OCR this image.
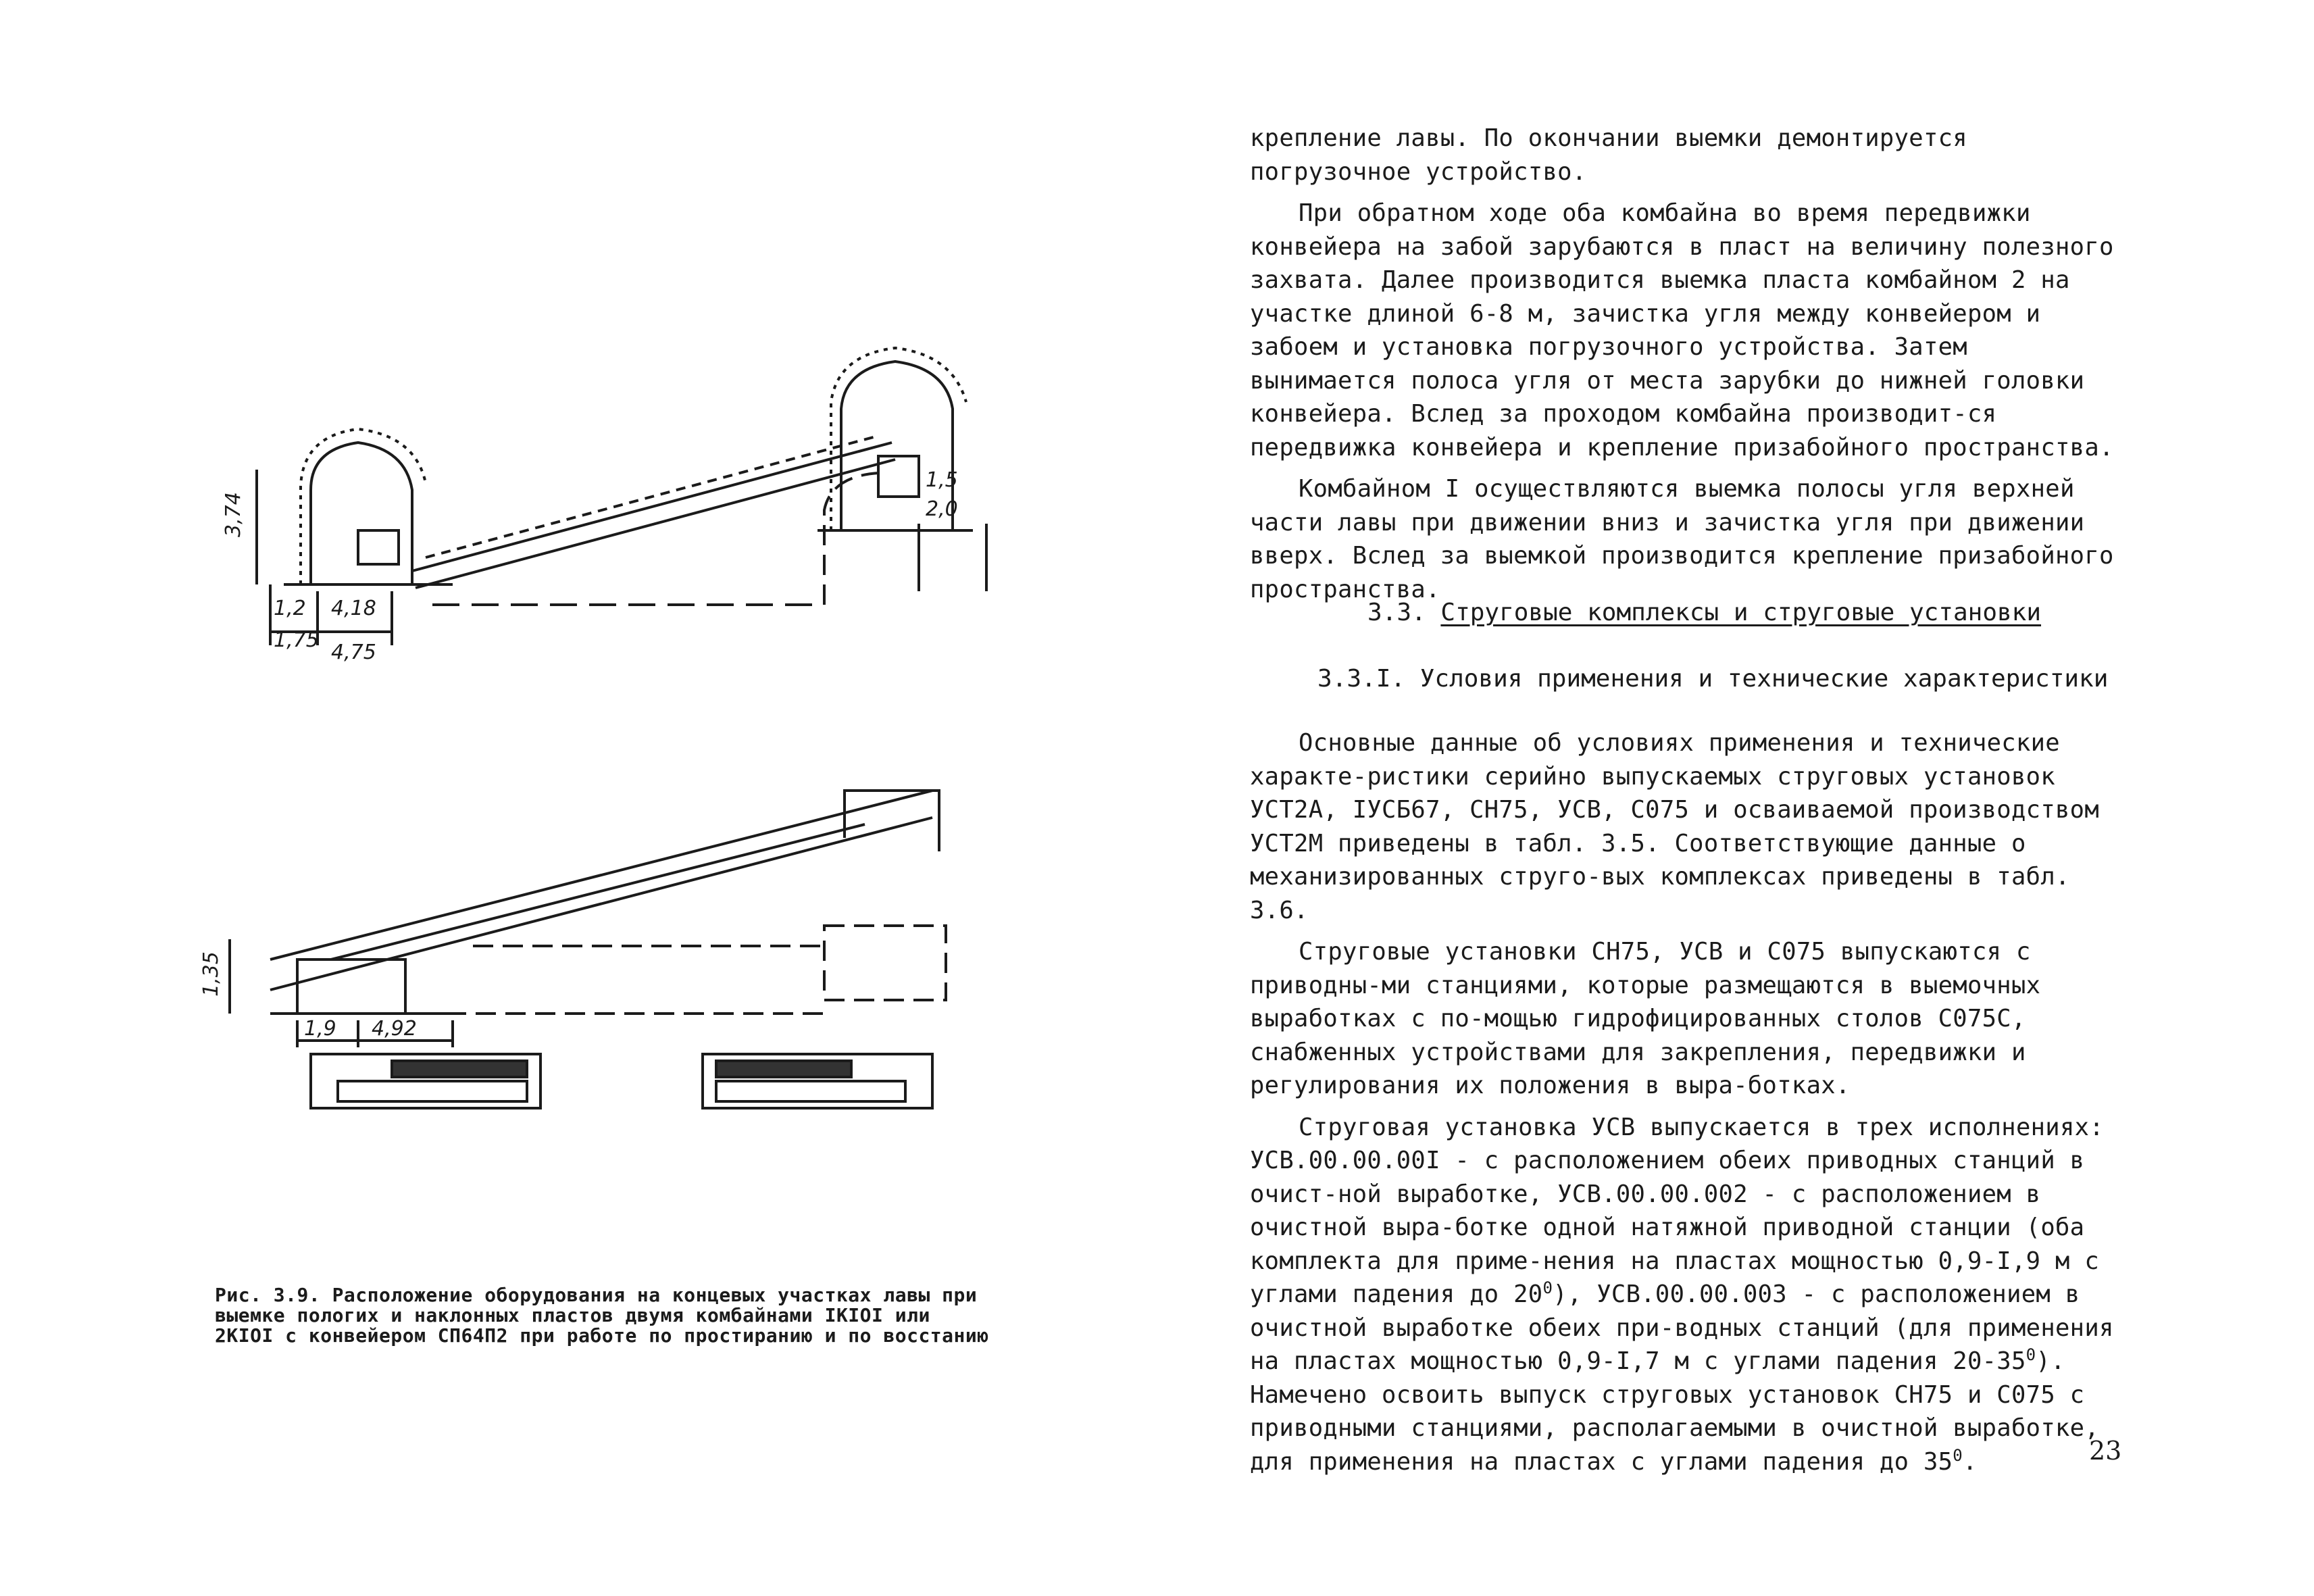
3,74
1,2 4,18
1,75
4,75
1,5
2,0
1,35
1,9 4,92

Рис. 3.9. Расположение оборудования на концевых участках лавы при

выемке пологих и наклонных пластов двумя комбайнами IKIOI или

2KIOI с конвейером СП64П2 при работе по простиранию и по восстанию

крепление лавы. По окончании выемки демонтируется погрузочное устройство.

При обратном ходе оба комбайна во время передвижки конвейера на забой зарубаются в пласт на величину полезного захвата. Далее производится выемка пласта комбайном 2 на участке длиной 6-8 м, зачистка угля между конвейером и забоем и установка погрузочного устройства. Затем вынимается полоса угля от места зарубки до нижней головки конвейера. Вслед за проходом комбайна производит-ся передвижка конвейера и крепление призабойного пространства.

Комбайном I осуществляются выемка полосы угля верхней части лавы при движении вниз и зачистка угля при движении вверх. Вслед за выемкой производится крепление призабойного пространства.

3.3. Струговые комплексы и струговые установки
3.3.I. Условия применения и технические характеристики

Основные данные об условиях применения и технические характе-ристики серийно выпускаемых струговых установок УСТ2А, IУСБ67, СН75, УСВ, С075 и осваиваемой производством УСТ2М приведены в табл. 3.5. Соответствующие данные о механизированных стругo-вых комплексах приведены в табл. 3.6.

Струговые установки СН75, УСВ и С075 выпускаются с приводны-ми станциями, которые размещаются в выемочных выработках с по-мощью гидрофицированных столов С075С, снабженных устройствами для закрепления, передвижки и регулирования их положения в выра-ботках.

Струговая установка УСВ выпускается в трех исполнениях: УСВ.00.00.00I - с расположением обеих приводных станций в очист-ной выработке, УСВ.00.00.002 - с расположением в очистной выра-ботке одной натяжной приводной станции (оба комплекта для приме-нения на пластах мощностью 0,9-I,9 м с углами падения до $20^0$), УСВ.00.00.003 - с расположением в очистной выработке обеих при-водных станций (для применения на пластах мощностью 0,9-I,7 м с углами падения $20-35^0$). Намечено освоить выпуск струговых установок СН75 и С075 с приводными станциями, располагаемыми в очистной выработке, для применения на пластах с углами падения до $35^0$.	23
